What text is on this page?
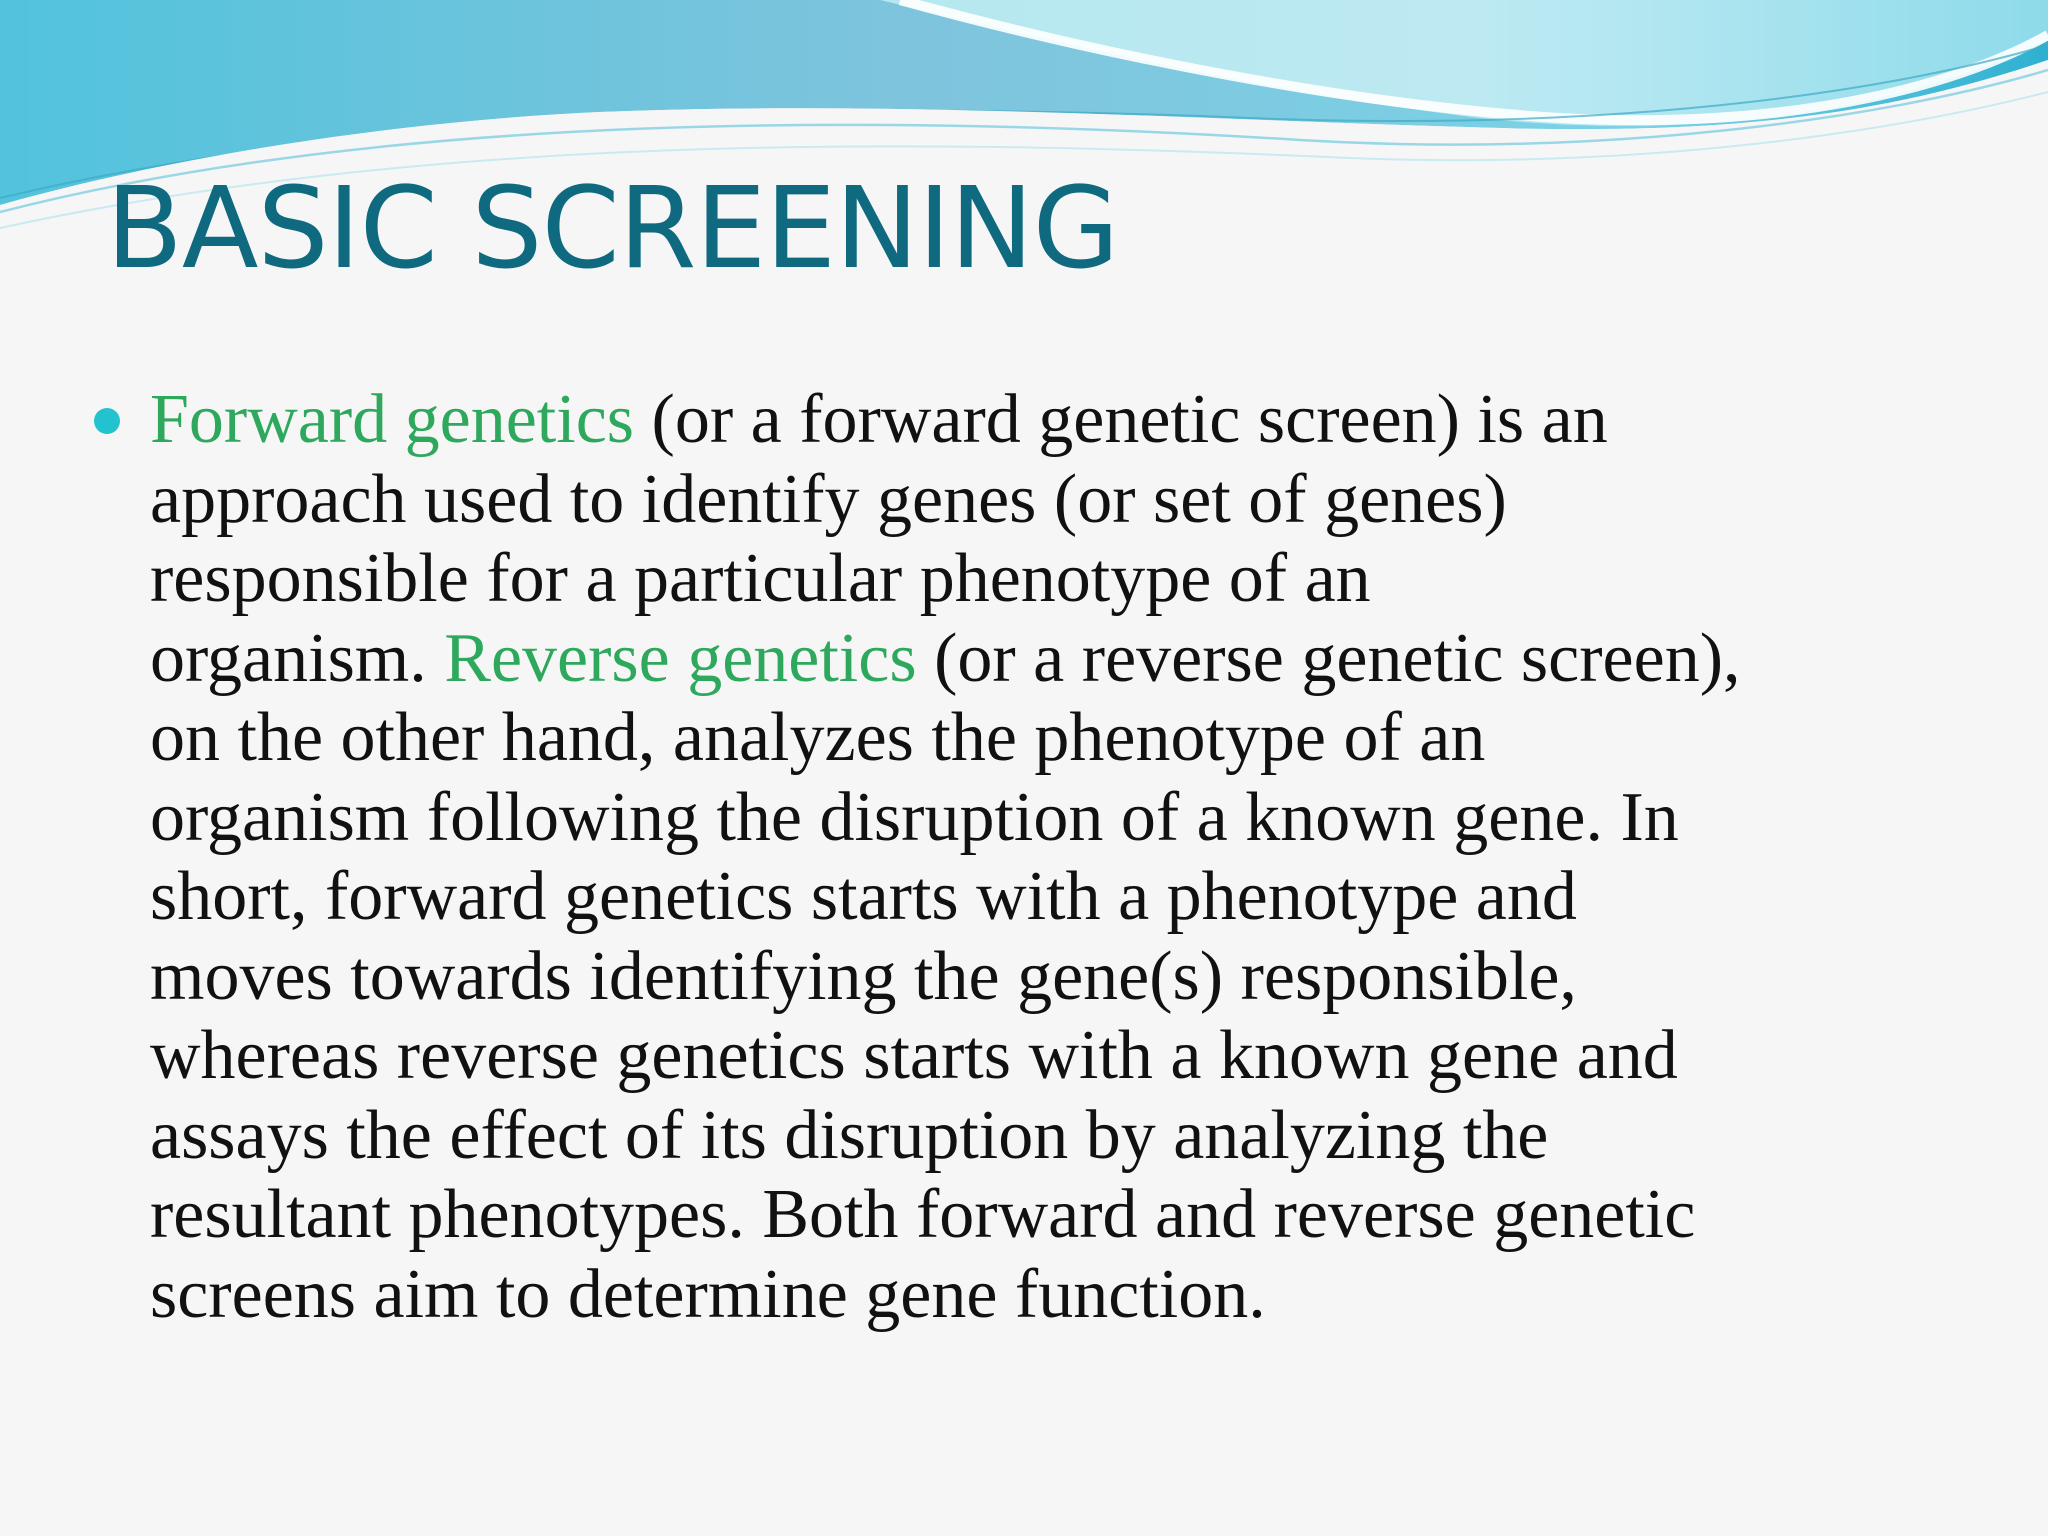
BASIC SCREENING
Forward genetics (or a forward genetic screen) is an
approach used to identify genes (or set of genes)
responsible for a particular phenotype of an
organism. Reverse genetics (or a reverse genetic screen),
on the other hand, analyzes the phenotype of an
organism following the disruption of a known gene. In
short, forward genetics starts with a phenotype and
moves towards identifying the gene(s) responsible,
whereas reverse genetics starts with a known gene and
assays the effect of its disruption by analyzing the
resultant phenotypes. Both forward and reverse genetic
screens aim to determine gene function.
